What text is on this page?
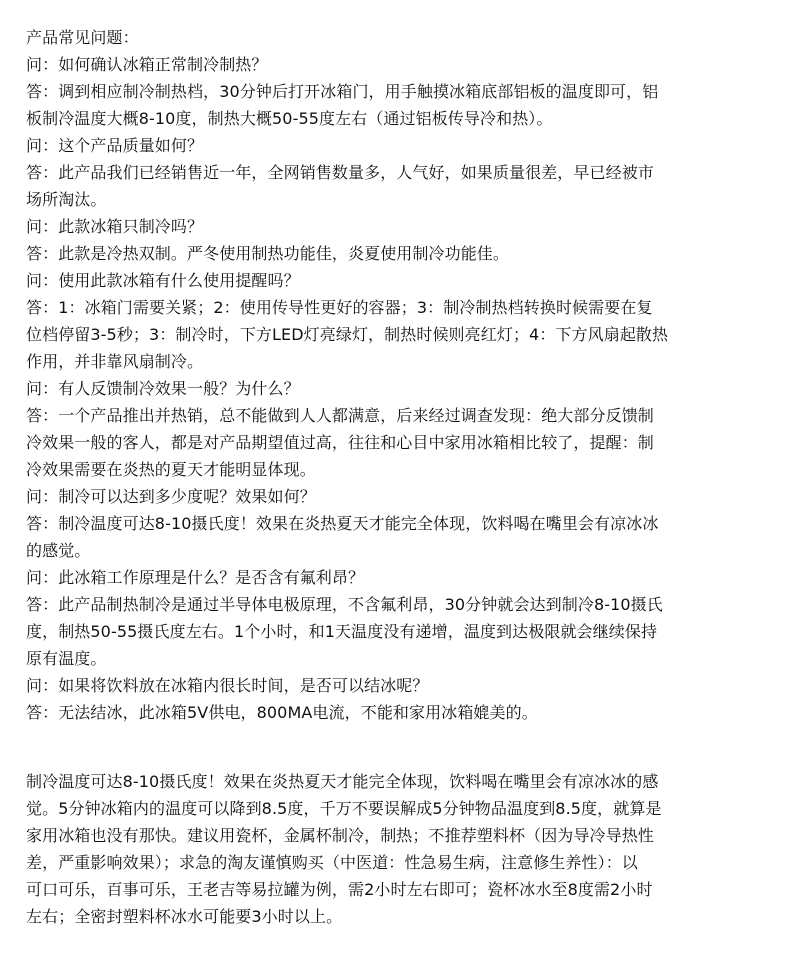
产品常见问题：
问：如何确认冰箱正常制冷制热？
答：调到相应制冷制热档，30分钟后打开冰箱门，用手触摸冰箱底部铝板的温度即可，铝
板制冷温度大概8-10度，制热大概50-55度左右（通过铝板传导冷和热）。
问：这个产品质量如何？
答：此产品我们已经销售近一年，全网销售数量多，人气好，如果质量很差，早已经被市
场所淘汰。
问：此款冰箱只制冷吗？
答：此款是冷热双制。严冬使用制热功能佳，炎夏使用制冷功能佳。
问：使用此款冰箱有什么使用提醒吗？
答：1：冰箱门需要关紧；2：使用传导性更好的容器；3：制冷制热档转换时候需要在复
位档停留3-5秒；3：制冷时，下方LED灯亮绿灯，制热时候则亮红灯；4：下方风扇起散热
作用，并非靠风扇制冷。
问：有人反馈制冷效果一般？为什么？
答：一个产品推出并热销，总不能做到人人都满意，后来经过调查发现：绝大部分反馈制
冷效果一般的客人，都是对产品期望值过高，往往和心目中家用冰箱相比较了，提醒：制
冷效果需要在炎热的夏天才能明显体现。
问：制冷可以达到多少度呢？效果如何？
答：制冷温度可达8-10摄氏度！效果在炎热夏天才能完全体现，饮料喝在嘴里会有凉冰冰
的感觉。
问：此冰箱工作原理是什么？是否含有氟利昂？
答：此产品制热制冷是通过半导体电极原理，不含氟利昂，30分钟就会达到制冷8-10摄氏
度，制热50-55摄氏度左右。1个小时，和1天温度没有递增，温度到达极限就会继续保持
原有温度。
问：如果将饮料放在冰箱内很长时间，是否可以结冰呢？
答：无法结冰，此冰箱5V供电，800MA电流，不能和家用冰箱媲美的。
制冷温度可达8-10摄氏度！效果在炎热夏天才能完全体现，饮料喝在嘴里会有凉冰冰的感
觉。5分钟冰箱内的温度可以降到8.5度，千万不要误解成5分钟物品温度到8.5度，就算是
家用冰箱也没有那快。建议用瓷杯，金属杯制冷，制热；不推荐塑料杯（因为导冷导热性
差，严重影响效果）；求急的淘友谨慎购买（中医道：性急易生病，注意修生养性）：以
可口可乐，百事可乐，王老吉等易拉罐为例，需2小时左右即可；瓷杯冰水至8度需2小时
左右；全密封塑料杯冰水可能要3小时以上。
